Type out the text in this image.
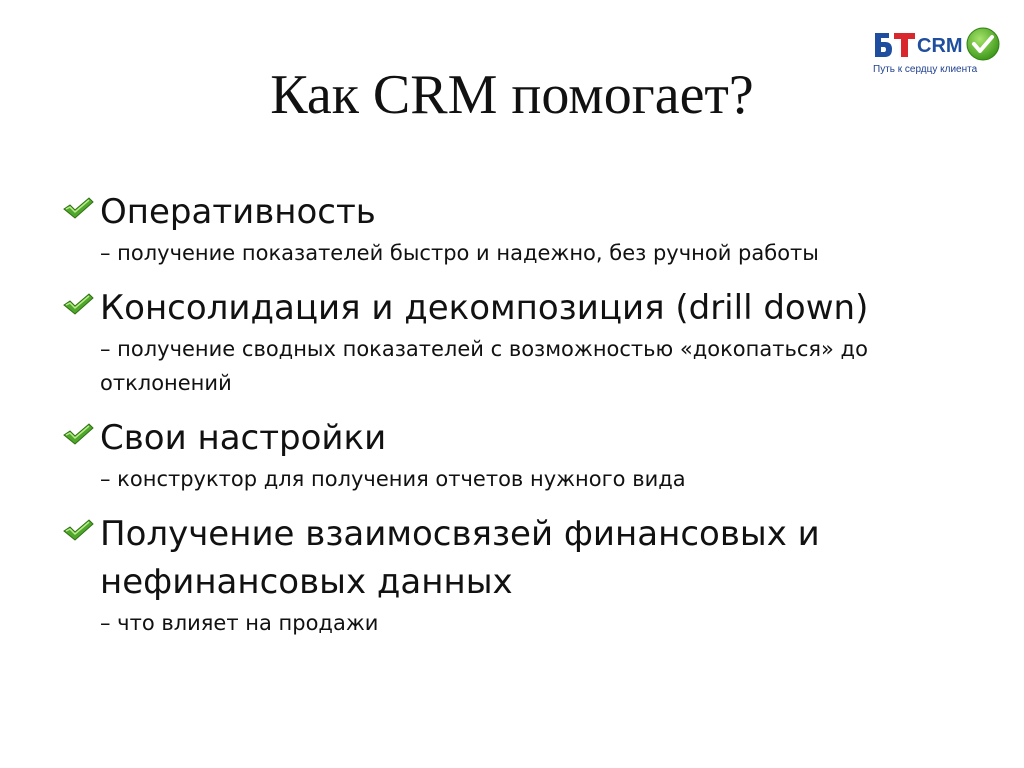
CRM
Путь к сердцу клиента
Как CRM помогает?
Оперативность
– получение показателей быстро и надежно, без ручной работы
Консолидация и декомпозиция (drill down)
– получение сводных показателей с возможностью «докопаться» до отклонений
Свои настройки
– конструктор для получения отчетов нужного вида
Получение взаимосвязей финансовых и нефинансовых данных
– что влияет на продажи
